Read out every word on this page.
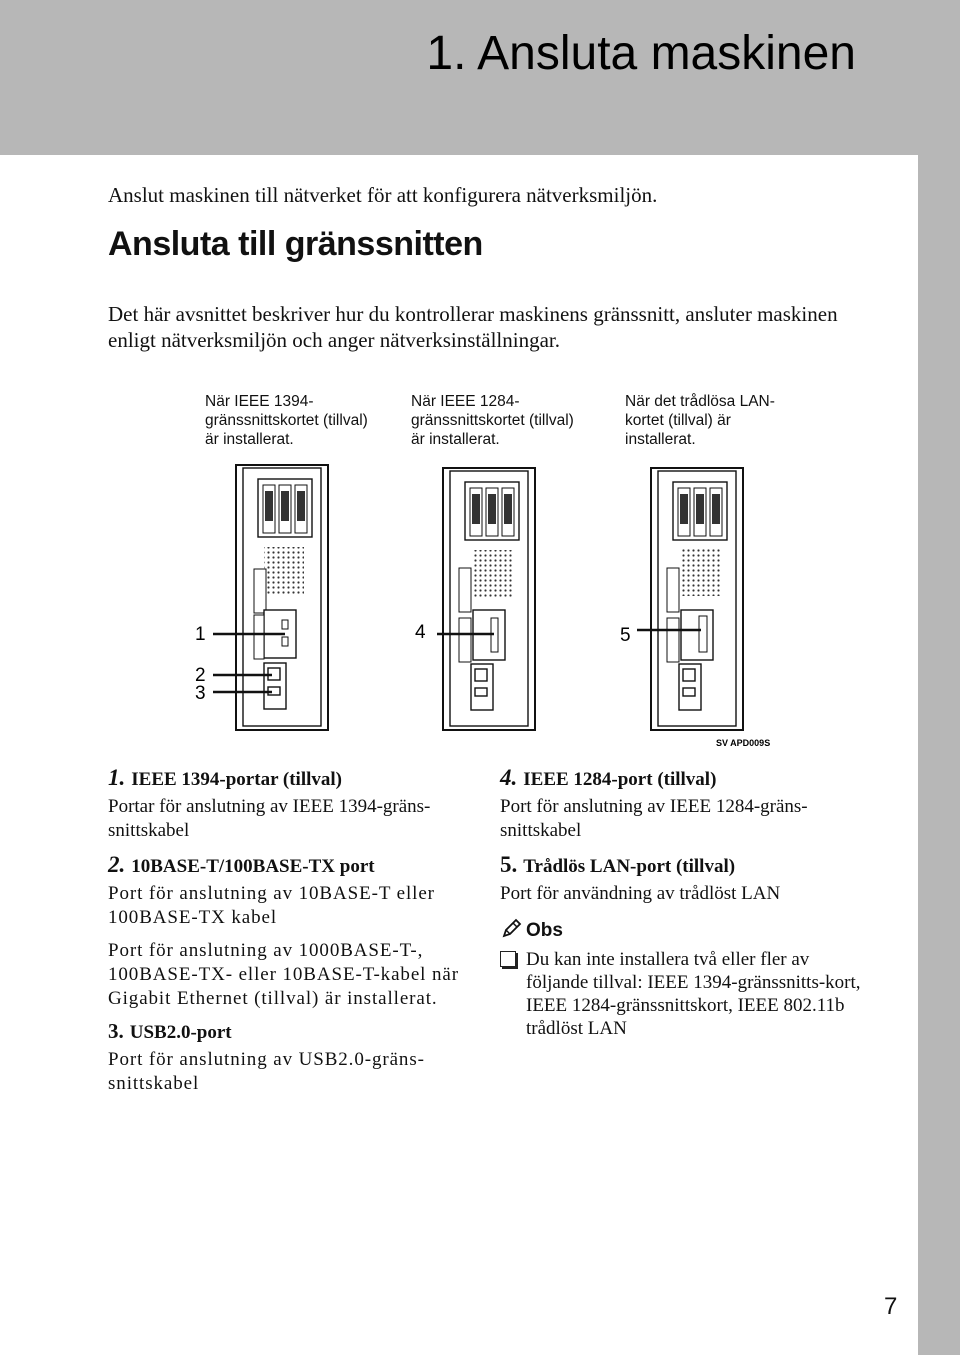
1. Ansluta maskinen
Anslut maskinen till nätverket för att konfigurera nätverksmiljön.
Ansluta till gränssnitten
Det här avsnittet beskriver hur du kontrollerar maskinens gränssnitt, ansluter maskinen enligt nätverksmiljön och anger nätverksinställningar.
När IEEE 1394-
gränssnittskortet (tillval)
är installerat.
När IEEE 1284-
gränssnittskortet (tillval)
är installerat.
När det trådlösa LAN-
kortet (tillval) är
installerat.
1
2
3
4	5
SV APD009S

1. IEEE 1394-portar (tillval)

Portar för anslutning av IEEE 1394-gräns-snittskabel

2. 10BASE-T/100BASE-TX port

Port för anslutning av 10BASE-T eller 100BASE-TX kabel

Port för anslutning av 1000BASE-T-, 100BASE-TX- eller 10BASE-T-kabel när Gigabit Ethernet (tillval) är installerat.

3. USB2.0-port

Port för anslutning av USB2.0-gräns-snittskabel

4. IEEE 1284-port (tillval)

Port för anslutning av IEEE 1284-gräns-snittskabel

5. Trådlös LAN-port (tillval)

Port för användning av trådlöst LAN

Obs
Du kan inte installera två eller fler av följande tillval: IEEE 1394-gränssnitts-kort, IEEE 1284-gränssnittskort, IEEE 802.11b trådlöst LAN
7
